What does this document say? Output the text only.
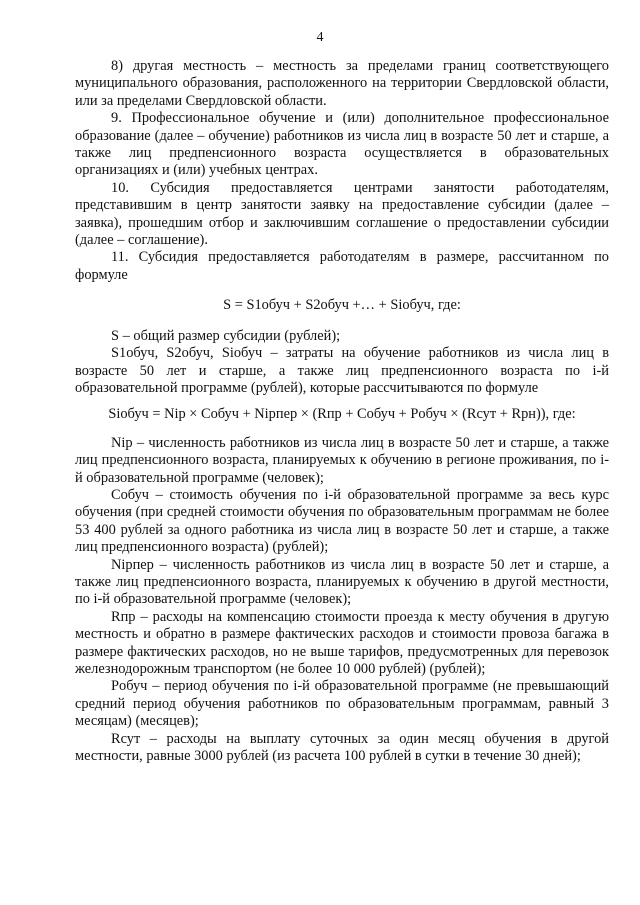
4

8) другая местность – местность за пределами границ соответствующего муниципального образования, расположенного на территории Свердловской области, или за пределами Свердловской области.

9. Профессиональное обучение и (или) дополнительное профессиональное образование (далее – обучение) работников из числа лиц в возрасте 50 лет и старше, а также лиц предпенсионного возраста осуществляется в образовательных организациях и (или) учебных центрах.

10. Субсидия предоставляется центрами занятости работодателям, представившим в центр занятости заявку на предоставление субсидии (далее – заявка), прошедшим отбор и заключившим соглашение о предоставлении субсидии (далее – соглашение).

11. Субсидия предоставляется работодателям в размере, рассчитанном по формуле

S = S1обуч + S2обуч +… + Siобуч, где:

S – общий размер субсидии (рублей);

S1обуч, S2обуч, Siобуч – затраты на обучение работников из числа лиц в возрасте 50 лет и старше, а также лиц предпенсионного возраста по i-й образовательной программе (рублей), которые рассчитываются по формуле

Siобуч = Nip × Cобуч + Nipпер × (Rпр + Cобуч + Pобуч × (Rсут + Rрн)), где:

Nip – численность работников из числа лиц в возрасте 50 лет и старше, а также лиц предпенсионного возраста, планируемых к обучению в регионе проживания, по i-й образовательной программе (человек);

Cобуч – стоимость обучения по i-й образовательной программе за весь курс обучения (при средней стоимости обучения по образовательным программам не более 53 400 рублей за одного работника из числа лиц в возрасте 50 лет и старше, а также лиц предпенсионного возраста) (рублей);

Nipпер – численность работников из числа лиц в возрасте 50 лет и старше, а также лиц предпенсионного возраста, планируемых к обучению в другой местности, по i-й образовательной программе (человек);

Rпр – расходы на компенсацию стоимости проезда к месту обучения в другую местность и обратно в размере фактических расходов и стоимости провоза багажа в размере фактических расходов, но не выше тарифов, предусмотренных для перевозок железнодорожным транспортом (не более 10 000 рублей) (рублей);

Pобуч – период обучения по i-й образовательной программе (не превышающий средний период обучения работников по образовательным программам, равный 3 месяцам) (месяцев);

Rсут – расходы на выплату суточных за один месяц обучения в другой местности, равные 3000 рублей (из расчета 100 рублей в сутки в течение 30 дней);
